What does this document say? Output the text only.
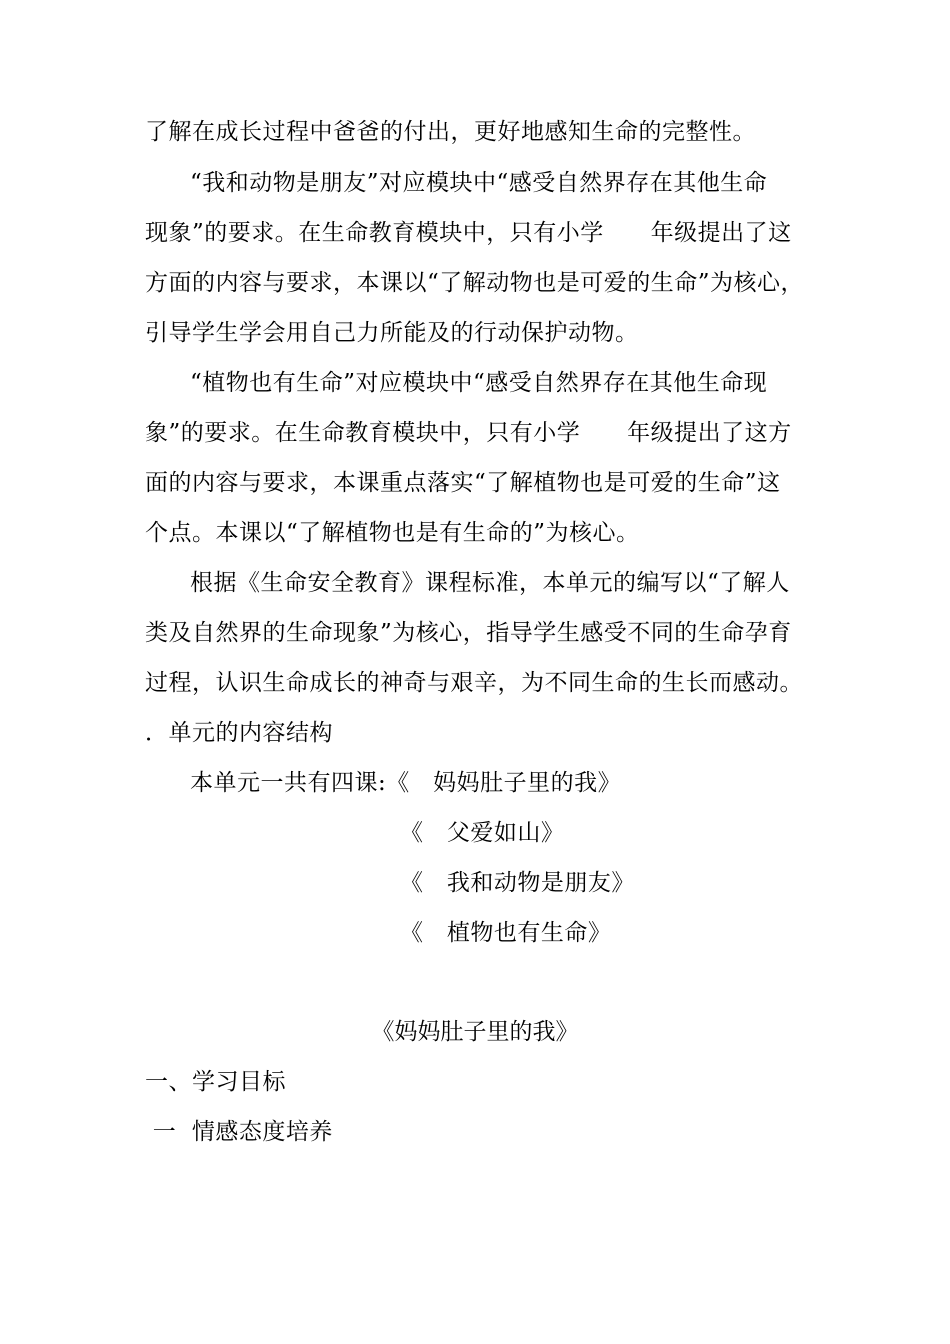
了解在成长过程中爸爸的付出，更好地感知生命的完整性。
“我和动物是朋友”对应模块中“感受自然界存在其他生命
现象”的要求。在生命教育模块中，只有小学      年级提出了这
方面的内容与要求，本课以“了解动物也是可爱的生命”为核心，
引导学生学会用自己力所能及的行动保护动物。
“植物也有生命”对应模块中“感受自然界存在其他生命现
象”的要求。在生命教育模块中，只有小学      年级提出了这方
面的内容与要求，本课重点落实“了解植物也是可爱的生命”这
个点。本课以“了解植物也是有生命的”为核心。
根据《生命安全教育》课程标准，本单元的编写以“了解人
类及自然界的生命现象”为核心，指导学生感受不同的生命孕育
过程，认识生命成长的神奇与艰辛，为不同生命的生长而感动。
．单元的内容结构
本单元一共有四课:《   妈妈肚子里的我》
《   父爱如山》
《   我和动物是朋友》
《   植物也有生命》
《妈妈肚子里的我》
一、学习目标
一  情感态度培养
